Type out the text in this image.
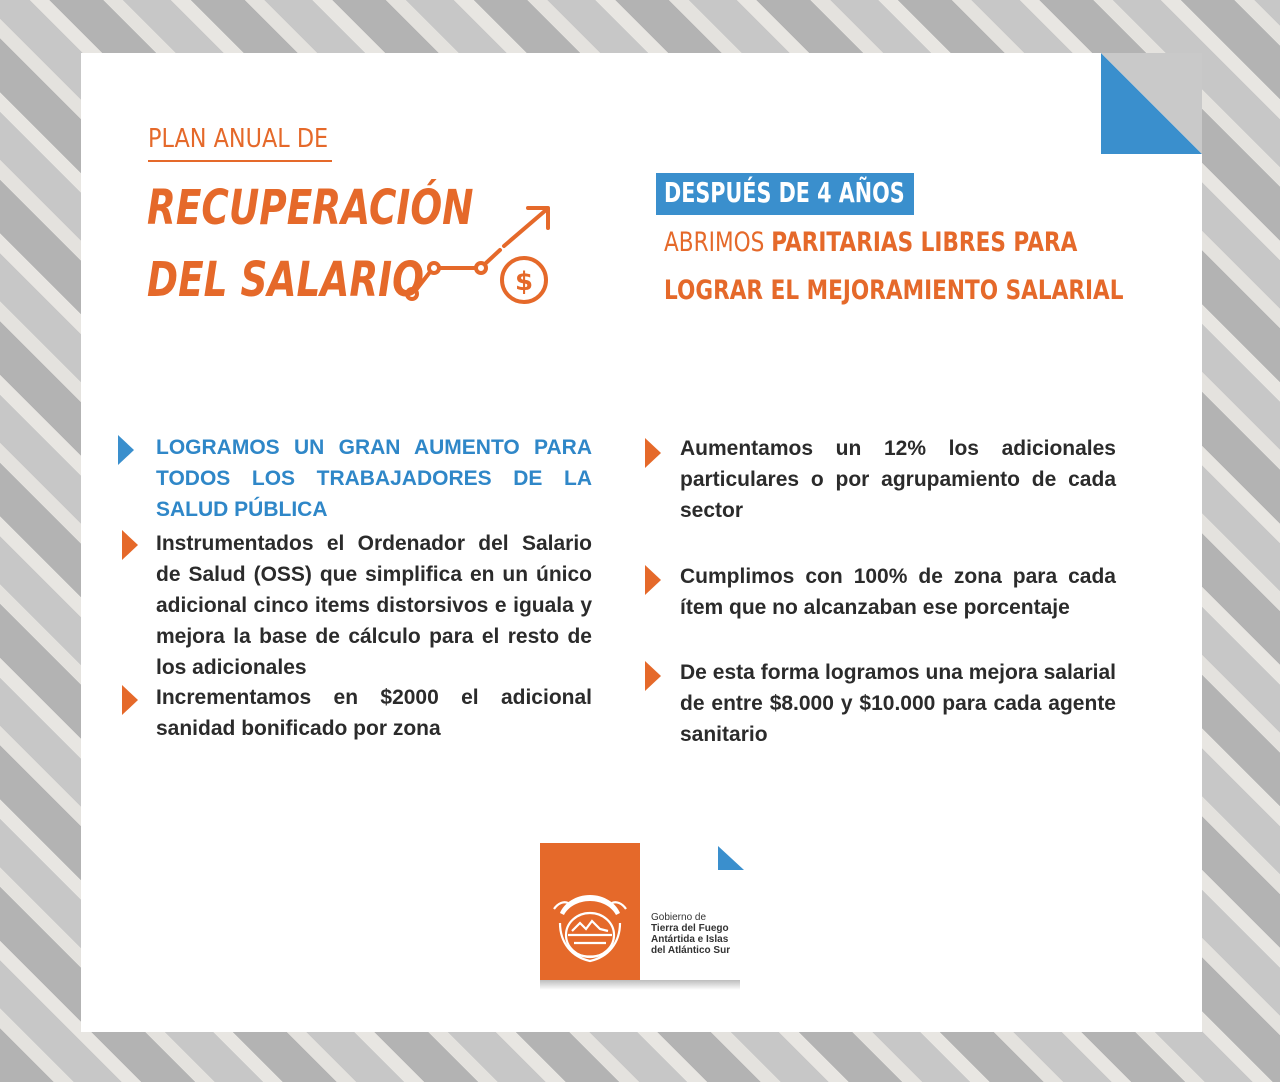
PLAN ANUAL DE
RECUPERACIÓN
DEL SALARIO	$
DESPUÉS DE 4 AÑOS
ABRIMOS PARITARIAS LIBRES PARA
LOGRAR EL MEJORAMIENTO SALARIAL
LOGRAMOS UN GRAN AUMENTO PARA TODOS LOS TRABAJADORES DE LA SALUD PÚBLICA
Instrumentados el Ordenador del Salario de Salud (OSS) que simplifica en un único adicional cinco items distorsivos e iguala y mejora la base de cálculo para el resto de los adicionales
Incrementamos en $2000 el adicional sanidad bonificado por zona
Aumentamos un 12% los adicionales particulares o por agrupamiento de cada sector
Cumplimos con 100% de zona para cada ítem que no alcanzaban ese porcentaje
De esta forma logramos una mejora salarial de entre $8.000 y $10.000 para cada agente sanitario
Gobierno de
Tierra del Fuego
Antártida e Islas
del Atlántico Sur
